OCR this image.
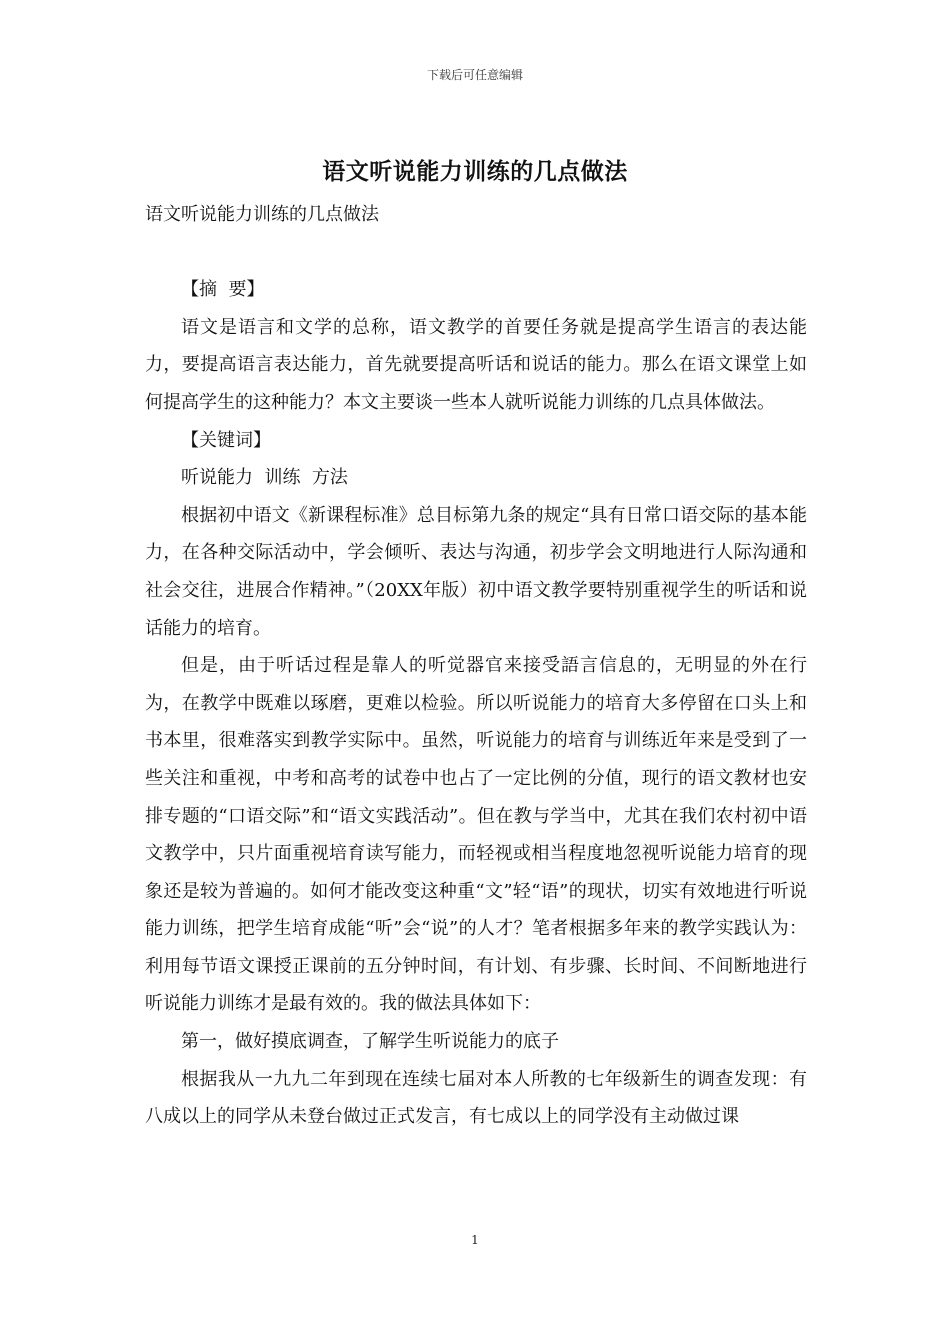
下载后可任意编辑
语文听说能力训练的几点做法

语文听说能力训练的几点做法

【摘  要】

语文是语言和文学的总称，语文教学的首要任务就是提高学生语言的表达能力，要提高语言表达能力，首先就要提高听话和说话的能力。那么在语文课堂上如何提高学生的这种能力？本文主要谈一些本人就听说能力训练的几点具体做法。

【关键词】

听说能力  训练  方法

根据初中语文《新课程标准》总目标第九条的规定“具有日常口语交际的基本能力，在各种交际活动中，学会倾听、表达与沟通，初步学会文明地进行人际沟通和社会交往，进展合作精神。”（20XX年版）初中语文教学要特别重视学生的听话和说话能力的培育。

但是，由于听话过程是靠人的听觉器官来接受語言信息的，无明显的外在行为，在教学中既难以琢磨，更难以检验。所以听说能力的培育大多停留在口头上和书本里，很难落实到教学实际中。虽然，听说能力的培育与训练近年来是受到了一些关注和重视，中考和高考的试卷中也占了一定比例的分值，现行的语文教材也安排专题的“口语交际”和“语文实践活动”。但在教与学当中，尤其在我们农村初中语文教学中，只片面重视培育读写能力，而轻视或相当程度地忽视听说能力培育的现象还是较为普遍的。如何才能改变这种重“文”轻“语”的现状，切实有效地进行听说能力训练，把学生培育成能“听”会“说”的人才？笔者根据多年来的教学实践认为：利用每节语文课授正课前的五分钟时间，有计划、有步骤、长时间、不间断地进行听说能力训练才是最有效的。我的做法具体如下：

第一，做好摸底调查，了解学生听说能力的底子

根据我从一九九二年到现在连续七届对本人所教的七年级新生的调查发现：有八成以上的同学从未登台做过正式发言，有七成以上的同学没有主动做过课

1
